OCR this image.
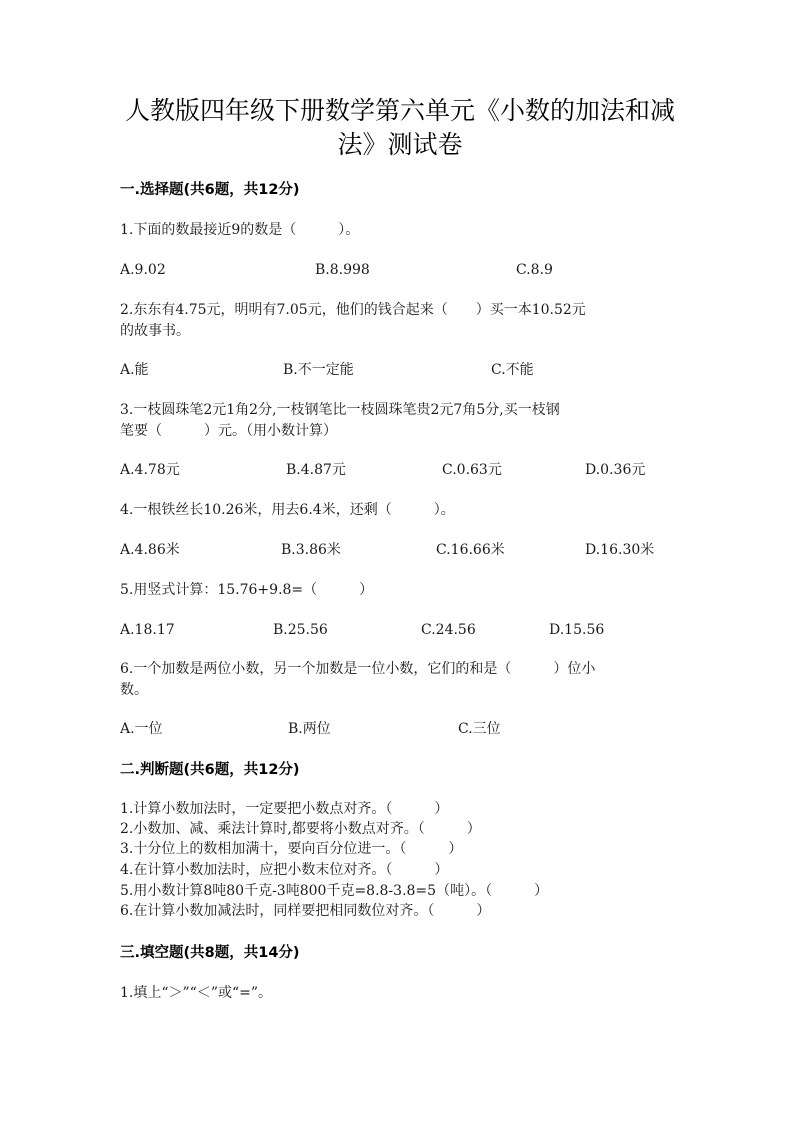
人教版四年级下册数学第六单元《小数的加法和减
法》测试卷
一.选择题(共6题，共12分)
1.下面的数最接近9的数是（　　　）。
A.9.02	B.8.998	C.8.9
2.东东有4.75元，明明有7.05元，他们的钱合起来（　　）买一本10.52元
的故事书。
A.能	B.不一定能	C.不能
3.一枝圆珠笔2元1角2分,一枝钢笔比一枝圆珠笔贵2元7角5分,买一枝钢
笔要（　　　）元。（用小数计算）
A.4.78元	B.4.87元	C.0.63元	D.0.36元
4.一根铁丝长10.26米，用去6.4米，还剩（　　　）。
A.4.86米	B.3.86米	C.16.66米	D.16.30米
5.用竖式计算：15.76+9.8=（　　　）
A.18.17	B.25.56	C.24.56	D.15.56
6.一个加数是两位小数，另一个加数是一位小数，它们的和是（　　　）位小
数。
A.一位	B.两位	C.三位
二.判断题(共6题，共12分)
1.计算小数加法时，一定要把小数点对齐。（　　　）
2.小数加、减、乘法计算时,都要将小数点对齐。（　　　）
3.十分位上的数相加满十，要向百分位进一。（　　　）
4.在计算小数加法时，应把小数末位对齐。（　　　）
5.用小数计算8吨80千克-3吨800千克=8.8-3.8=5（吨）。（　　　）
6.在计算小数加减法时，同样要把相同数位对齐。（　　　）
三.填空题(共8题，共14分)
1.填上“＞”“＜”或“=”。
